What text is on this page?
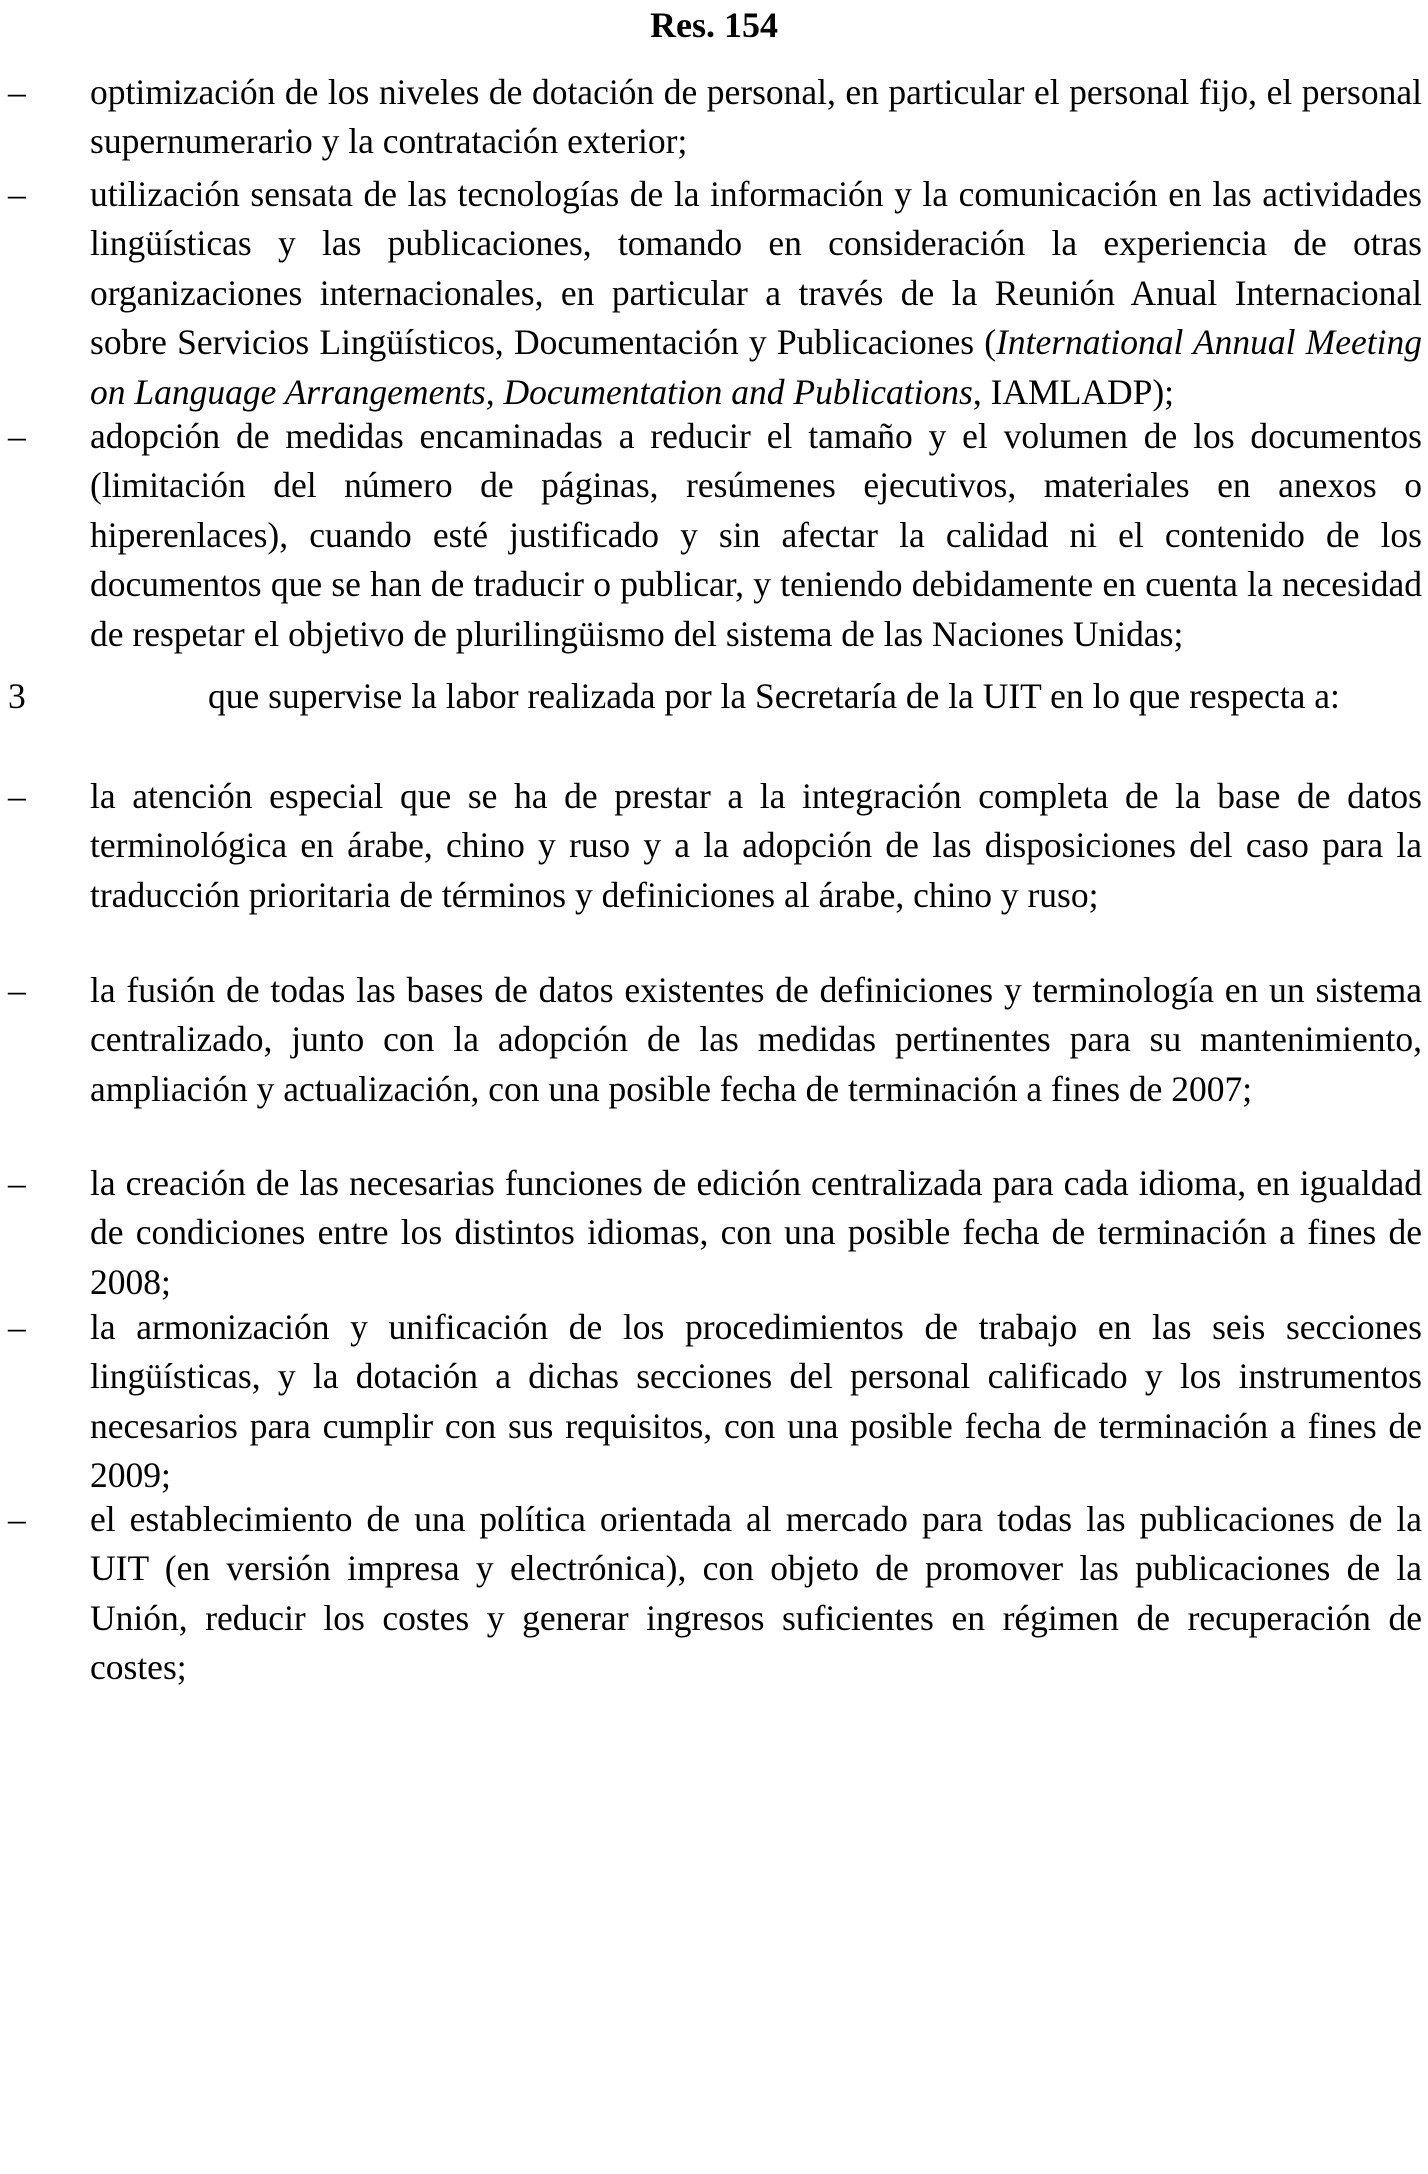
Res. 154
– optimización de los niveles de dotación de personal, en particular el personal fijo, el personal supernumerario y la contratación exterior;
– utilización sensata de las tecnologías de la información y la comunicación en las actividades lingüísticas y las publicaciones, tomando en consideración la experiencia de otras organizaciones internacionales, en particular a través de la Reunión Anual Internacional sobre Servicios Lingüísticos, Documentación y Publicaciones (International Annual Meeting on Language Arrangements, Documentation and Publications, IAMLADP);
– adopción de medidas encaminadas a reducir el tamaño y el volumen de los documentos (limitación del número de páginas, resúmenes ejecutivos, materiales en anexos o hiperenlaces), cuando esté justificado y sin afectar la calidad ni el contenido de los documentos que se han de traducir o publicar, y teniendo debidamente en cuenta la necesidad de respetar el objetivo de plurilingüismo del sistema de las Naciones Unidas;
3	que supervise la labor realizada por la Secretaría de la UIT en lo que respecta a:
– la atención especial que se ha de prestar a la integración completa de la base de datos terminológica en árabe, chino y ruso y a la adopción de las disposiciones del caso para la traducción prioritaria de términos y definiciones al árabe, chino y ruso;
– la fusión de todas las bases de datos existentes de definiciones y terminología en un sistema centralizado, junto con la adopción de las medidas pertinentes para su mantenimiento, ampliación y actualización, con una posible fecha de terminación a fines de 2007;
– la creación de las necesarias funciones de edición centralizada para cada idioma, en igualdad de condiciones entre los distintos idiomas, con una posible fecha de terminación a fines de 2008;
– la armonización y unificación de los procedimientos de trabajo en las seis secciones lingüísticas, y la dotación a dichas secciones del personal calificado y los instrumentos necesarios para cumplir con sus requisitos, con una posible fecha de terminación a fines de 2009;
– el establecimiento de una política orientada al mercado para todas las publicaciones de la UIT (en versión impresa y electrónica), con objeto de promover las publicaciones de la Unión, reducir los costes y generar ingresos suficientes en régimen de recuperación de costes;
